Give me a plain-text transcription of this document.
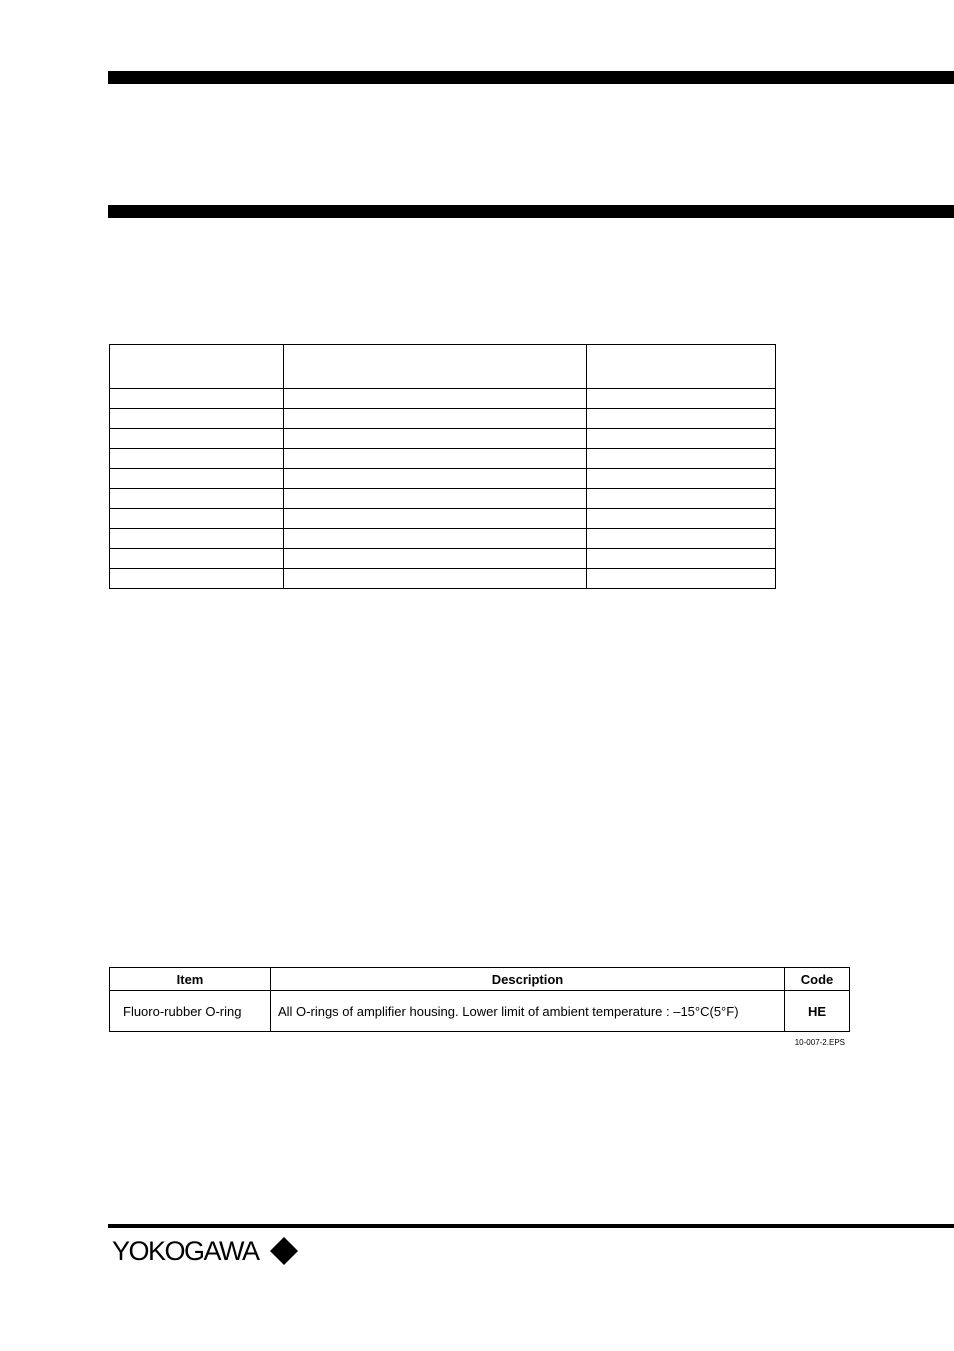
Item	Description	Code
Fluoro-rubber O-ring	All O-rings of amplifier housing. Lower limit of ambient temperature : –15°C(5°F)	HE
10-007-2.EPS
YOKOGAWA
